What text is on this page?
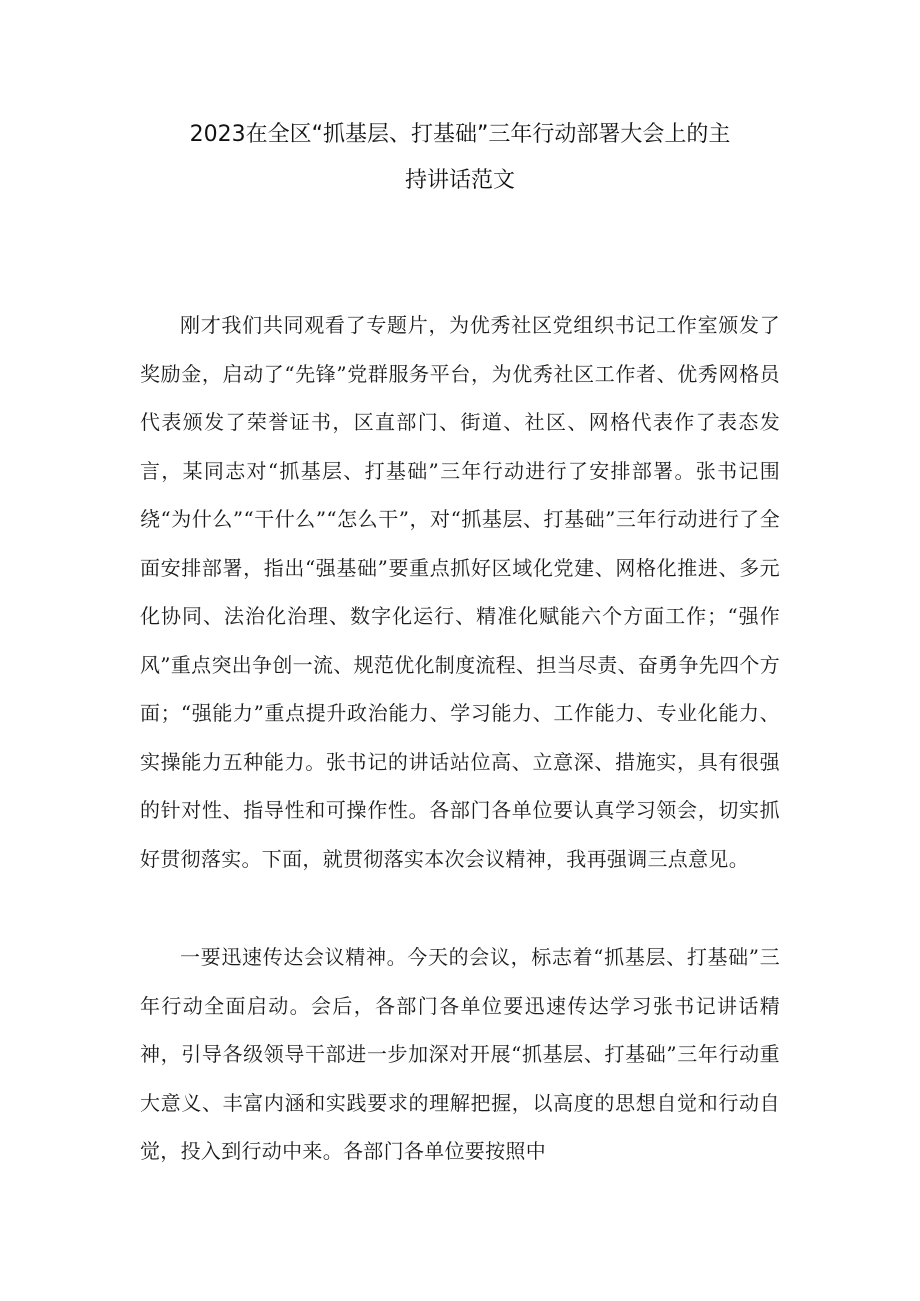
2023在全区“抓基层、打基础”三年行动部署大会上的主
持讲话范文

刚才我们共同观看了专题片，为优秀社区党组织书记工作室颁发了奖励金，启动了“先锋”党群服务平台，为优秀社区工作者、优秀网格员代表颁发了荣誉证书，区直部门、街道、社区、网格代表作了表态发言，某同志对“抓基层、打基础”三年行动进行了安排部署。张书记围绕“为什么”“干什么”“怎么干”，对“抓基层、打基础”三年行动进行了全面安排部署，指出“强基础”要重点抓好区域化党建、网格化推进、多元化协同、法治化治理、数字化运行、精准化赋能六个方面工作；“强作风”重点突出争创一流、规范优化制度流程、担当尽责、奋勇争先四个方面；“强能力”重点提升政治能力、学习能力、工作能力、专业化能力、实操能力五种能力。张书记的讲话站位高、立意深、措施实，具有很强的针对性、指导性和可操作性。各部门各单位要认真学习领会，切实抓好贯彻落实。下面，就贯彻落实本次会议精神，我再强调三点意见。

一要迅速传达会议精神。今天的会议，标志着“抓基层、打基础”三年行动全面启动。会后，各部门各单位要迅速传达学习张书记讲话精神，引导各级领导干部进一步加深对开展“抓基层、打基础”三年行动重大意义、丰富内涵和实践要求的理解把握，以高度的思想自觉和行动自觉，投入到行动中来。各部门各单位要按照中
